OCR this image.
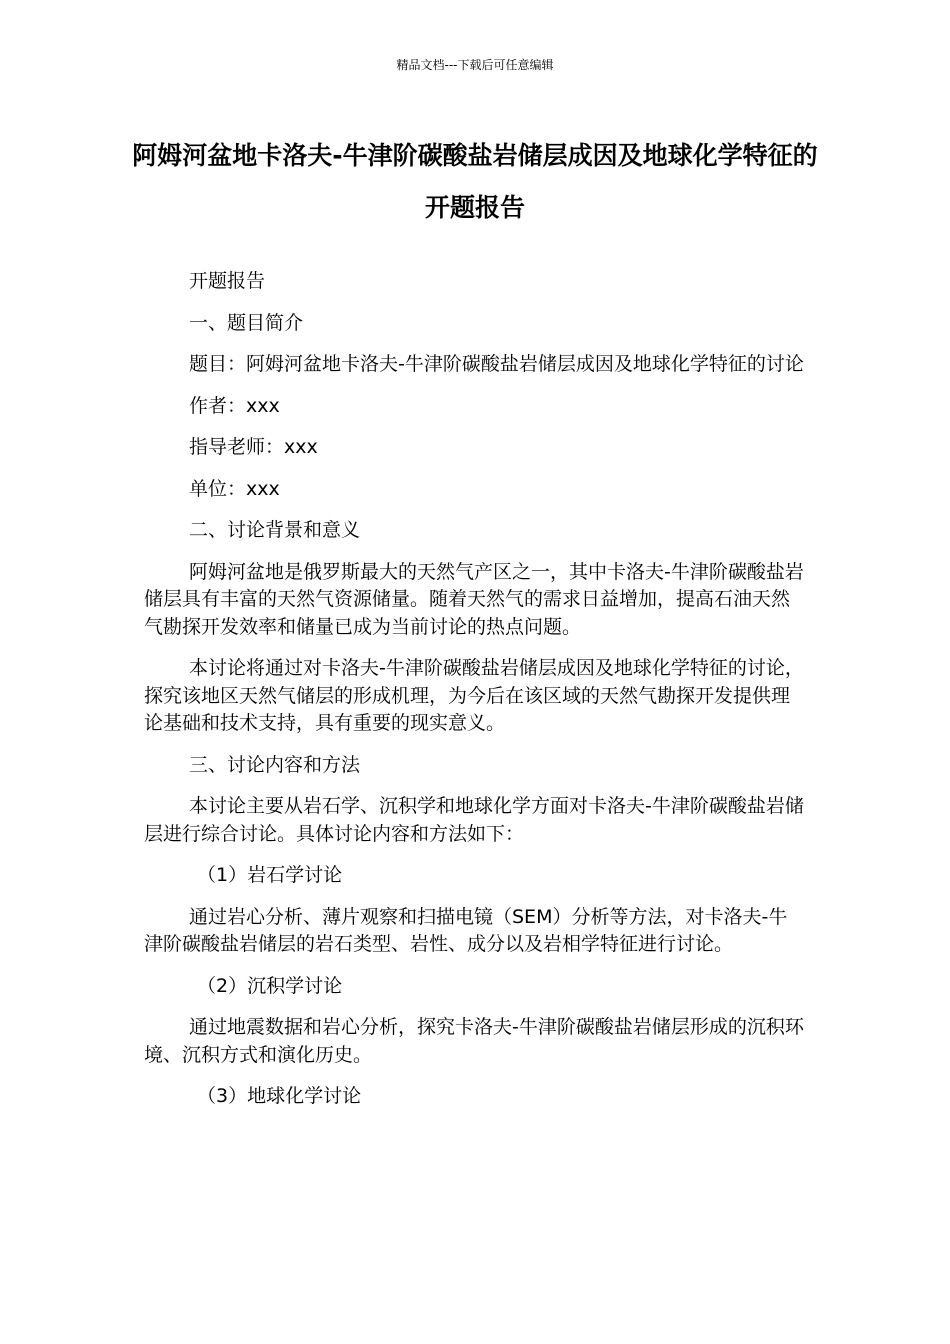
精品文档---下载后可任意编辑
阿姆河盆地卡洛夫-牛津阶碳酸盐岩储层成因及地球化学特征的开题报告

开题报告

一、题目简介

题目：阿姆河盆地卡洛夫-牛津阶碳酸盐岩储层成因及地球化学特征的讨论

作者：xxx

指导老师：xxx

单位：xxx

二、讨论背景和意义

阿姆河盆地是俄罗斯最大的天然气产区之一，其中卡洛夫-牛津阶碳酸盐岩储层具有丰富的天然气资源储量。随着天然气的需求日益增加，提高石油天然气勘探开发效率和储量已成为当前讨论的热点问题。

本讨论将通过对卡洛夫-牛津阶碳酸盐岩储层成因及地球化学特征的讨论，探究该地区天然气储层的形成机理，为今后在该区域的天然气勘探开发提供理论基础和技术支持，具有重要的现实意义。

三、讨论内容和方法

本讨论主要从岩石学、沉积学和地球化学方面对卡洛夫-牛津阶碳酸盐岩储层进行综合讨论。具体讨论内容和方法如下：

（1）岩石学讨论

通过岩心分析、薄片观察和扫描电镜（SEM）分析等方法，对卡洛夫-牛津阶碳酸盐岩储层的岩石类型、岩性、成分以及岩相学特征进行讨论。

（2）沉积学讨论

通过地震数据和岩心分析，探究卡洛夫-牛津阶碳酸盐岩储层形成的沉积环境、沉积方式和演化历史。

（3）地球化学讨论
